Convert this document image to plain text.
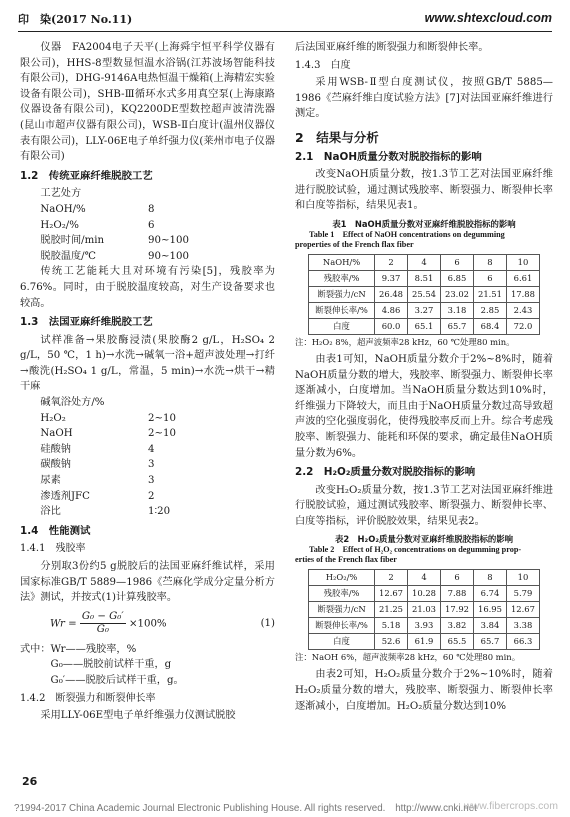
印　染(2017 No.11)	www.shtexcloud.com

仪器　FA2004电子天平(上海舜宇恒平科学仪器有限公司)，HHS-8型数显恒温水浴锅(江苏波场智能科技有限公司)，DHG-9146A电热恒温干燥箱(上海精宏实验设备有限公司)，SHB-Ⅲ循环水式多用真空泵(上海康路仪器设备有限公司)，KQ2200DE型数控超声波清洗器(昆山市超声仪器有限公司)，WSB-Ⅱ白度计(温州仪器仪表有限公司)，LLY-06E电子单纤强力仪(莱州市电子仪器有限公司)

1.2　传统亚麻纤维脱胶工艺
工艺处方
NaOH/%	8
H₂O₂/%	6
脱胶时间/min	90~100
脱胶温度/℃	90~100

传统工艺能耗大且对环境有污染[5]，残胶率为6.76%。同时，由于脱胶温度较高，对生产设备要求也较高。

1.3　法国亚麻纤维脱胶工艺

试样准备→果胶酶浸渍(果胶酶2 g/L，H₂SO₄ 2 g/L，50 ℃，1 h)→水洗→碱氧一浴+超声波处理→打纤→酸洗(H₂SO₄ 1 g/L，常温，5 min)→水洗→烘干→精干麻

碱氧浴处方/%
H₂O₂	2~10
NaOH	2~10
硅酸钠	4
碳酸钠	3
尿素	3
渗透剂JFC	2
浴比	1∶20
1.4　性能测试
1.4.1　残胶率

分别取3份约5 g脱胶后的法国亚麻纤维试样，采用国家标准GB/T 5889—1986《苎麻化学成分定量分析方法》测试，并按式(1)计算残胶率。

$Wr = \frac{\text{G₀ − G₀′}}{\text{G₀}} \times 100\%$	(1)
式中：Wr——残胶率，%
　　　G₀——脱胶前试样干重，g
　　　G₀′——脱胶后试样干重，g。
1.4.2　断裂强力和断裂伸长率

采用LLY-06E型电子单纤维强力仪测试脱胶

后法国亚麻纤维的断裂强力和断裂伸长率。

1.4.3　白度

采用WSB-Ⅱ型白度测试仪，按照GB/T 5885—1986《苎麻纤维白度试验方法》[7]对法国亚麻纤维进行测定。

2　结果与分析
2.1　NaOH质量分数对脱胶指标的影响

改变NaOH质量分数，按1.3节工艺对法国亚麻纤维进行脱胶试验，通过测试残胶率、断裂强力、断裂伸长率和白度等指标，结果见表1。

表1　NaOH质量分数对亚麻纤维脱胶指标的影响
Table 1　Effect of NaOH concentrations on degumming
properties of the French flax fiber
NaOH/%	2	4	6	8	10
残胶率/%	9.37	8.51	6.85	6	6.61
断裂强力/cN	26.48	25.54	23.02	21.51	17.88
断裂伸长率/%	4.86	3.27	3.18	2.85	2.43
白度	60.0	65.1	65.7	68.4	72.0
注：H₂O₂ 8%，超声波频率28 kHz，60 ℃处理80 min。

由表1可知，NaOH质量分数介于2%~8%时，随着NaOH质量分数的增大，残胶率、断裂强力、断裂伸长率逐渐减小，白度增加。当NaOH质量分数达到10%时，纤维强力下降较大，而且由于NaOH质量分数过高导致超声波的空化强度弱化，使得残胶率反而上升。综合考虑残胶率、断裂强力、能耗和环保的要求，确定最佳NaOH质量分数为6%。

2.2　H₂O₂质量分数对脱胶指标的影响

改变H₂O₂质量分数，按1.3节工艺对法国亚麻纤维进行脱胶试验，通过测试残胶率、断裂强力、断裂伸长率、白度等指标，评价脱胶效果，结果见表2。

表2　H₂O₂质量分数对亚麻纤维脱胶指标的影响
Table 2　Effect of H₂O₂ concentrations on degumming prop-
erties of the French flax fiber
H₂O₂/%	2	4	6	8	10
残胶率/%	12.67	10.28	7.88	6.74	5.79
断裂强力/cN	21.25	21.03	17.92	16.95	12.67
断裂伸长率/%	5.18	3.93	3.82	3.84	3.38
白度	52.6	61.9	65.5	65.7	66.3
注：NaOH 6%，超声波频率28 kHz，60 ℃处理80 min。

由表2可知，H₂O₂质量分数介于2%~10%时，随着H₂O₂质量分数的增大，残胶率、断裂强力、断裂伸长率逐渐减小，白度增加。H₂O₂质量分数达到10%

26
?1994-2017 China Academic Journal Electronic Publishing House. All rights reserved.　http://www.cnki.net
www.fibercrops.com
